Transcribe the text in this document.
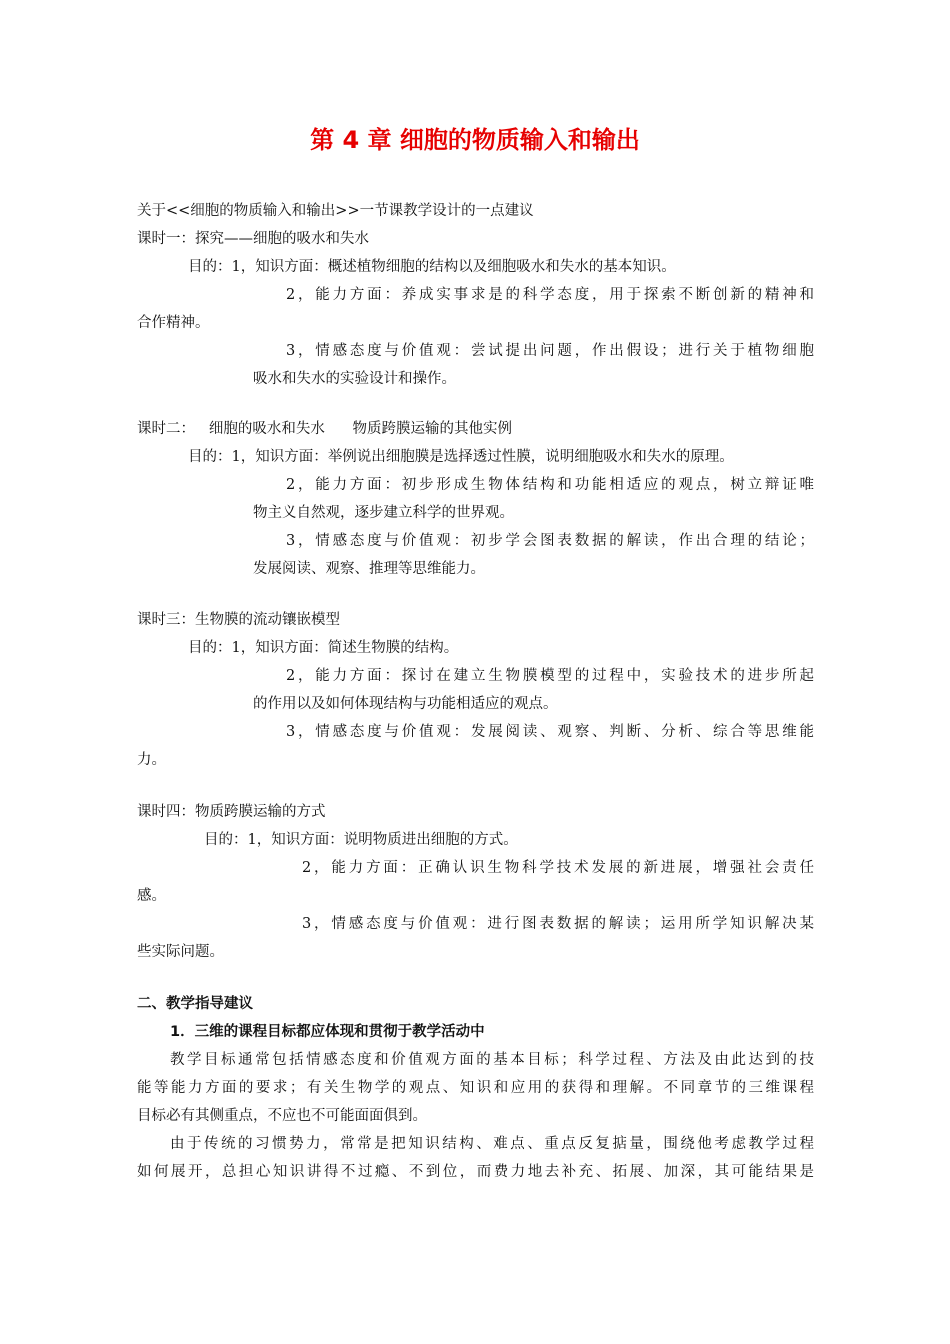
第 4 章 细胞的物质输入和输出
关于<<细胞的物质输入和输出>>一节课教学设计的一点建议
课时一：探究——细胞的吸水和失水
目的：1，知识方面：概述植物细胞的结构以及细胞吸水和失水的基本知识。
2，能力方面：养成实事求是的科学态度，用于探索不断创新的精神和
合作精神。
3，情感态度与价值观：尝试提出问题，作出假设；进行关于植物细胞
吸水和失水的实验设计和操作。
课时二：   细胞的吸水和失水      物质跨膜运输的其他实例
目的：1，知识方面：举例说出细胞膜是选择透过性膜，说明细胞吸水和失水的原理。
2，能力方面：初步形成生物体结构和功能相适应的观点，树立辩证唯
物主义自然观，逐步建立科学的世界观。
3，情感态度与价值观：初步学会图表数据的解读，作出合理的结论；
发展阅读、观察、推理等思维能力。
课时三：生物膜的流动镶嵌模型
目的：1，知识方面：简述生物膜的结构。
2，能力方面：探讨在建立生物膜模型的过程中，实验技术的进步所起
的作用以及如何体现结构与功能相适应的观点。
3，情感态度与价值观：发展阅读、观察、判断、分析、综合等思维能
力。
课时四：物质跨膜运输的方式
目的：1，知识方面：说明物质进出细胞的方式。
2，能力方面：正确认识生物科学技术发展的新进展，增强社会责任
感。
3，情感态度与价值观：进行图表数据的解读；运用所学知识解决某
些实际问题。
二、教学指导建议
1．三维的课程目标都应体现和贯彻于教学活动中
教学目标通常包括情感态度和价值观方面的基本目标；科学过程、方法及由此达到的技
能等能力方面的要求；有关生物学的观点、知识和应用的获得和理解。不同章节的三维课程
目标必有其侧重点，不应也不可能面面俱到。
由于传统的习惯势力，常常是把知识结构、难点、重点反复掂量，围绕他考虑教学过程
如何展开，总担心知识讲得不过瘾、不到位，而费力地去补充、拓展、加深，其可能结果是
